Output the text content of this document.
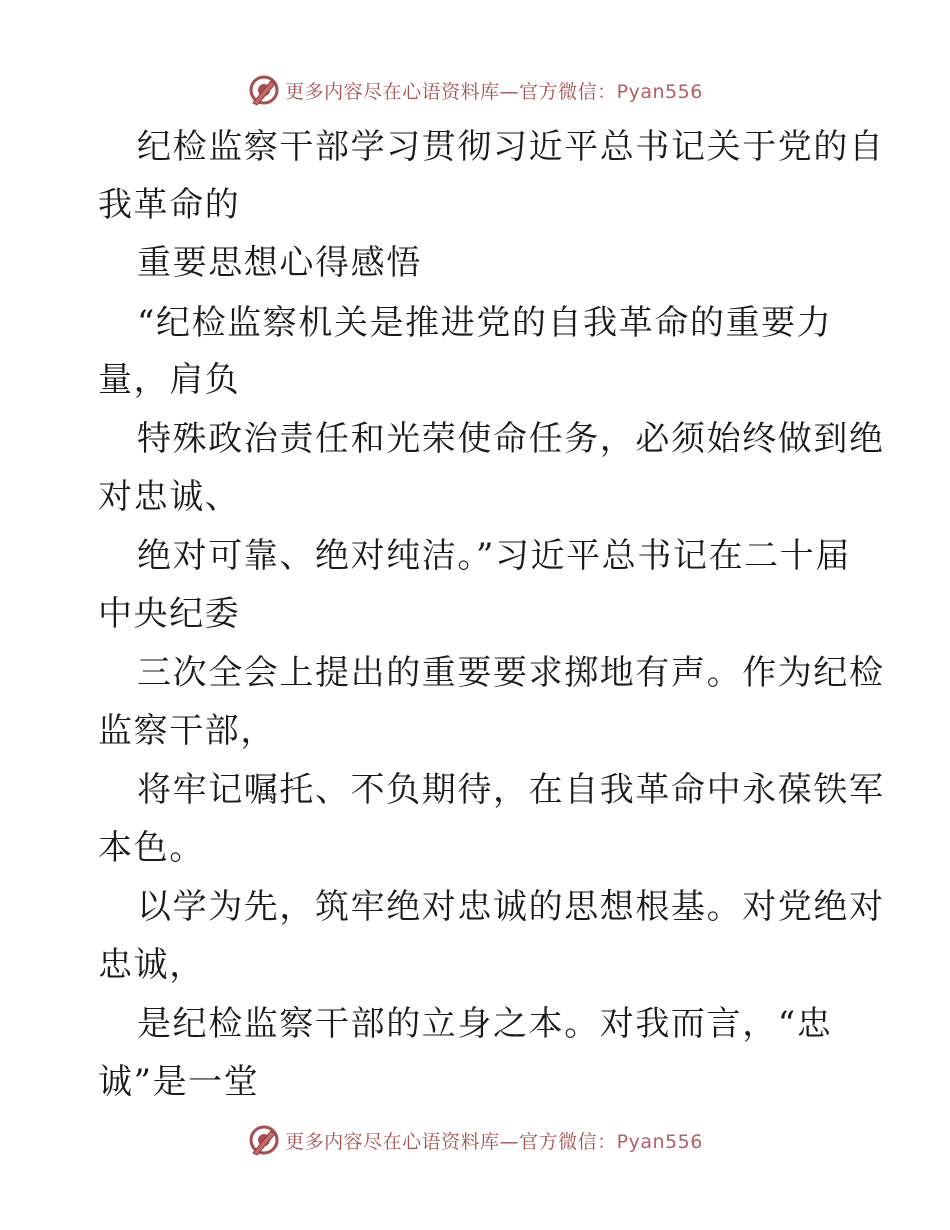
更多内容尽在心语资料库—官方微信：Pyan556
纪检监察干部学习贯彻习近平总书记关于党的自
我革命的
重要思想心得感悟
“纪检监察机关是推进党的自我革命的重要力
量，肩负
特殊政治责任和光荣使命任务，必须始终做到绝
对忠诚、
绝对可靠、绝对纯洁。”习近平总书记在二十届
中央纪委
三次全会上提出的重要要求掷地有声。作为纪检
监察干部，
将牢记嘱托、不负期待，在自我革命中永葆铁军
本色。
以学为先，筑牢绝对忠诚的思想根基。对党绝对
忠诚，
是纪检监察干部的立身之本。对我而言，“忠
诚”是一堂
更多内容尽在心语资料库—官方微信：Pyan556
